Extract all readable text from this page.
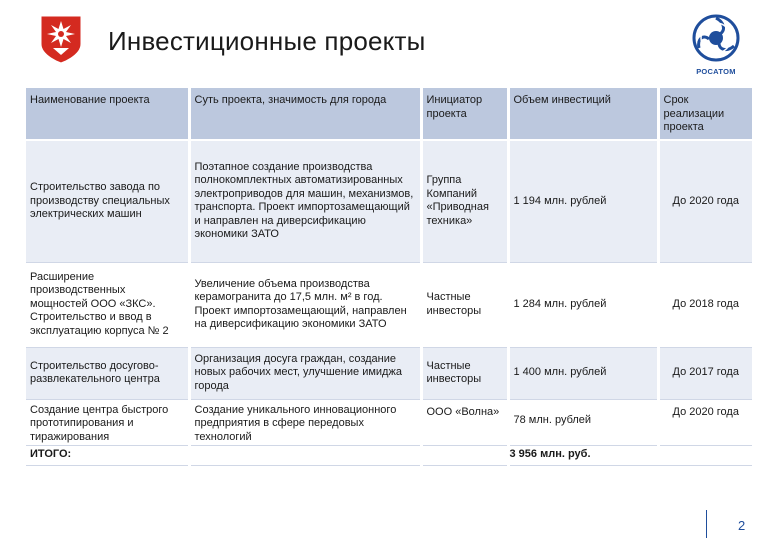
Инвестиционные проекты
РОСАТОМ
Наименование проекта	Суть проекта, значимость для города	Инициатор проекта	Объем инвестиций	Срок реализации проекта
Строительство завода по производству специальных электрических машин	Поэтапное создание производства полнокомплектных автоматизированных электроприводов для машин, механизмов, транспорта. Проект импортозамещающий и направлен на диверсификацию экономики ЗАТО	Группа Компаний «Приводная техника»	1 194 млн. рублей	До 2020 года
Расширение производственных мощностей ООО «ЗКС». Строительство и ввод в эксплуатацию корпуса № 2	Увеличение объема производства керамогранита до 17,5 млн. м² в год. Проект импортозамещающий, направлен на диверсификацию экономики ЗАТО	Частные инвесторы	1 284 млн. рублей	До 2018 года
Строительство досугово-развлекательного центра	Организация досуга граждан, создание новых рабочих мест, улучшение имиджа города	Частные инвесторы	1 400 млн. рублей	До 2017 года
Создание центра быстрого прототипирования и тиражирования	Создание уникального инновационного предприятия в сфере передовых технологий	ООО «Волна»	78 млн. рублей	До 2020 года
ИТОГО:			3 956 млн. руб.	
2
